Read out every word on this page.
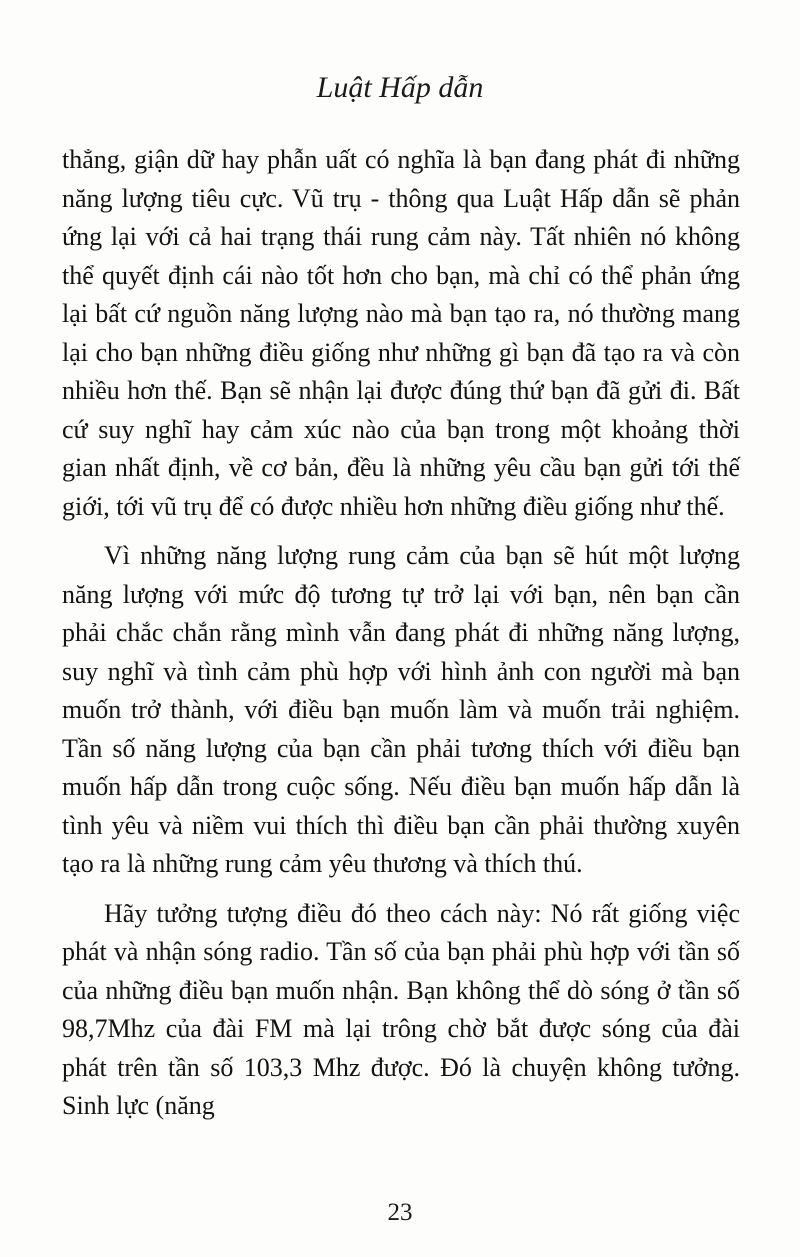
Luật Hấp dẫn

thẳng, giận dữ hay phẫn uất có nghĩa là bạn đang phát đi những năng lượng tiêu cực. Vũ trụ - thông qua Luật Hấp dẫn sẽ phản ứng lại với cả hai trạng thái rung cảm này. Tất nhiên nó không thể quyết định cái nào tốt hơn cho bạn, mà chỉ có thể phản ứng lại bất cứ nguồn năng lượng nào mà bạn tạo ra, nó thường mang lại cho bạn những điều giống như những gì bạn đã tạo ra và còn nhiều hơn thế. Bạn sẽ nhận lại được đúng thứ bạn đã gửi đi. Bất cứ suy nghĩ hay cảm xúc nào của bạn trong một khoảng thời gian nhất định, về cơ bản, đều là những yêu cầu bạn gửi tới thế giới, tới vũ trụ để có được nhiều hơn những điều giống như thế.

Vì những năng lượng rung cảm của bạn sẽ hút một lượng năng lượng với mức độ tương tự trở lại với bạn, nên bạn cần phải chắc chắn rằng mình vẫn đang phát đi những năng lượng, suy nghĩ và tình cảm phù hợp với hình ảnh con người mà bạn muốn trở thành, với điều bạn muốn làm và muốn trải nghiệm. Tần số năng lượng của bạn cần phải tương thích với điều bạn muốn hấp dẫn trong cuộc sống. Nếu điều bạn muốn hấp dẫn là tình yêu và niềm vui thích thì điều bạn cần phải thường xuyên tạo ra là những rung cảm yêu thương và thích thú.

Hãy tưởng tượng điều đó theo cách này: Nó rất giống việc phát và nhận sóng radio. Tần số của bạn phải phù hợp với tần số của những điều bạn muốn nhận. Bạn không thể dò sóng ở tần số 98,7Mhz của đài FM mà lại trông chờ bắt được sóng của đài phát trên tần số 103,3 Mhz được. Đó là chuyện không tưởng. Sinh lực (năng

23
